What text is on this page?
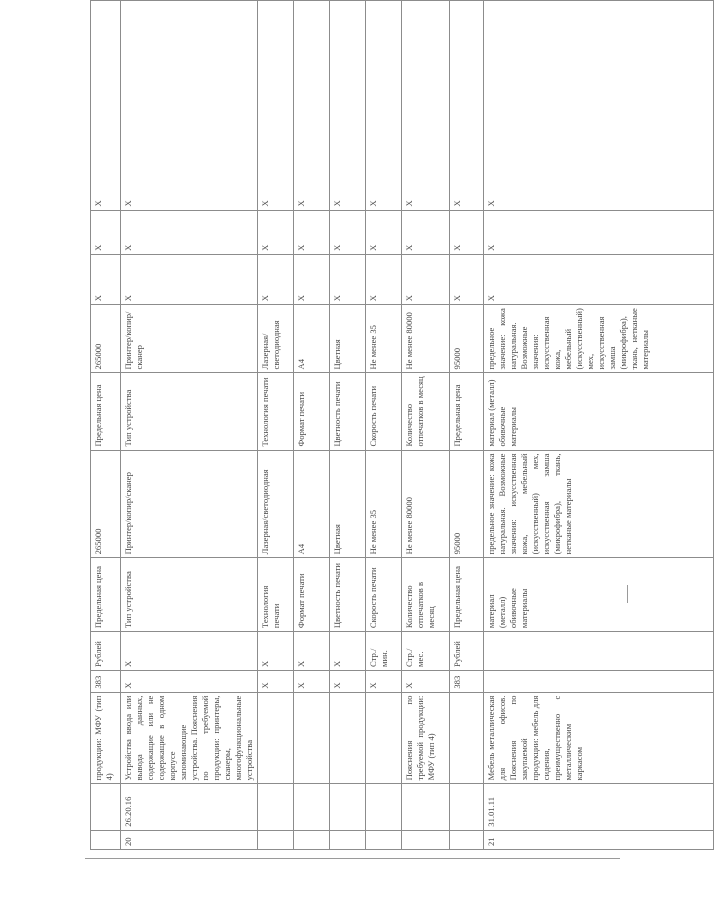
		продукции: МФУ (тип 4)	383	Рублей	Предельная цена	265000	Предельная цена	265000	X	X	X
20	26.20.16	Устройства ввода или вывода данных, содержащие или не содержащие в одном корпусе запоминающие устройства. Пояснения по требуемой продукции: принтеры, сканеры, многофункциональные устройства	X	X	Тип устройства	Принтер/копир/сканер	Тип устройства	Принтер/копир/сканер	X	X	X
			X	X	Технология печати	Лазерная/светодиодная	Технология печати	Лазерная/светодиодная	X	X	X
			X	X	Формат печати	А4	Формат печати	А4	X	X	X
			X	X	Цветность печати	Цветная	Цветность печати	Цветная	X	X	X
			X	Стр./мин.	Скорость печати	Не менее 35	Скорость печати	Не менее 35	X	X	X
		Пояснения по требуемой продукции: МФУ (тип 4)	X	Стр./мес.	Количество отпечатков в месяц	Не менее 80000	Количество отпечатков в месяц	Не менее 80000	X	X	X
			383	Рублей	Предельная цена	95000	Предельная цена	95000	X	X	X
21	31.01.11	Мебель металлическая для офисов. Пояснения по закупаемой продукции: мебель для сидения, преимущественно с металлическим каркасом			материал (металл) обивочные материалы	предельное значение: кожа натуральная. Возможные значения: искусственная кожа, мебельный (искусственный) мех, искусственная замша (микрофибра), ткань, нетканые материалы	материал (металл) обивочные материалы	предельное значение: кожа натуральная. Возможные значения: искусственная кожа, мебельный (искусственный) мех, искусственная замша (микрофибра), ткань, нетканые материалы	X	X	X
